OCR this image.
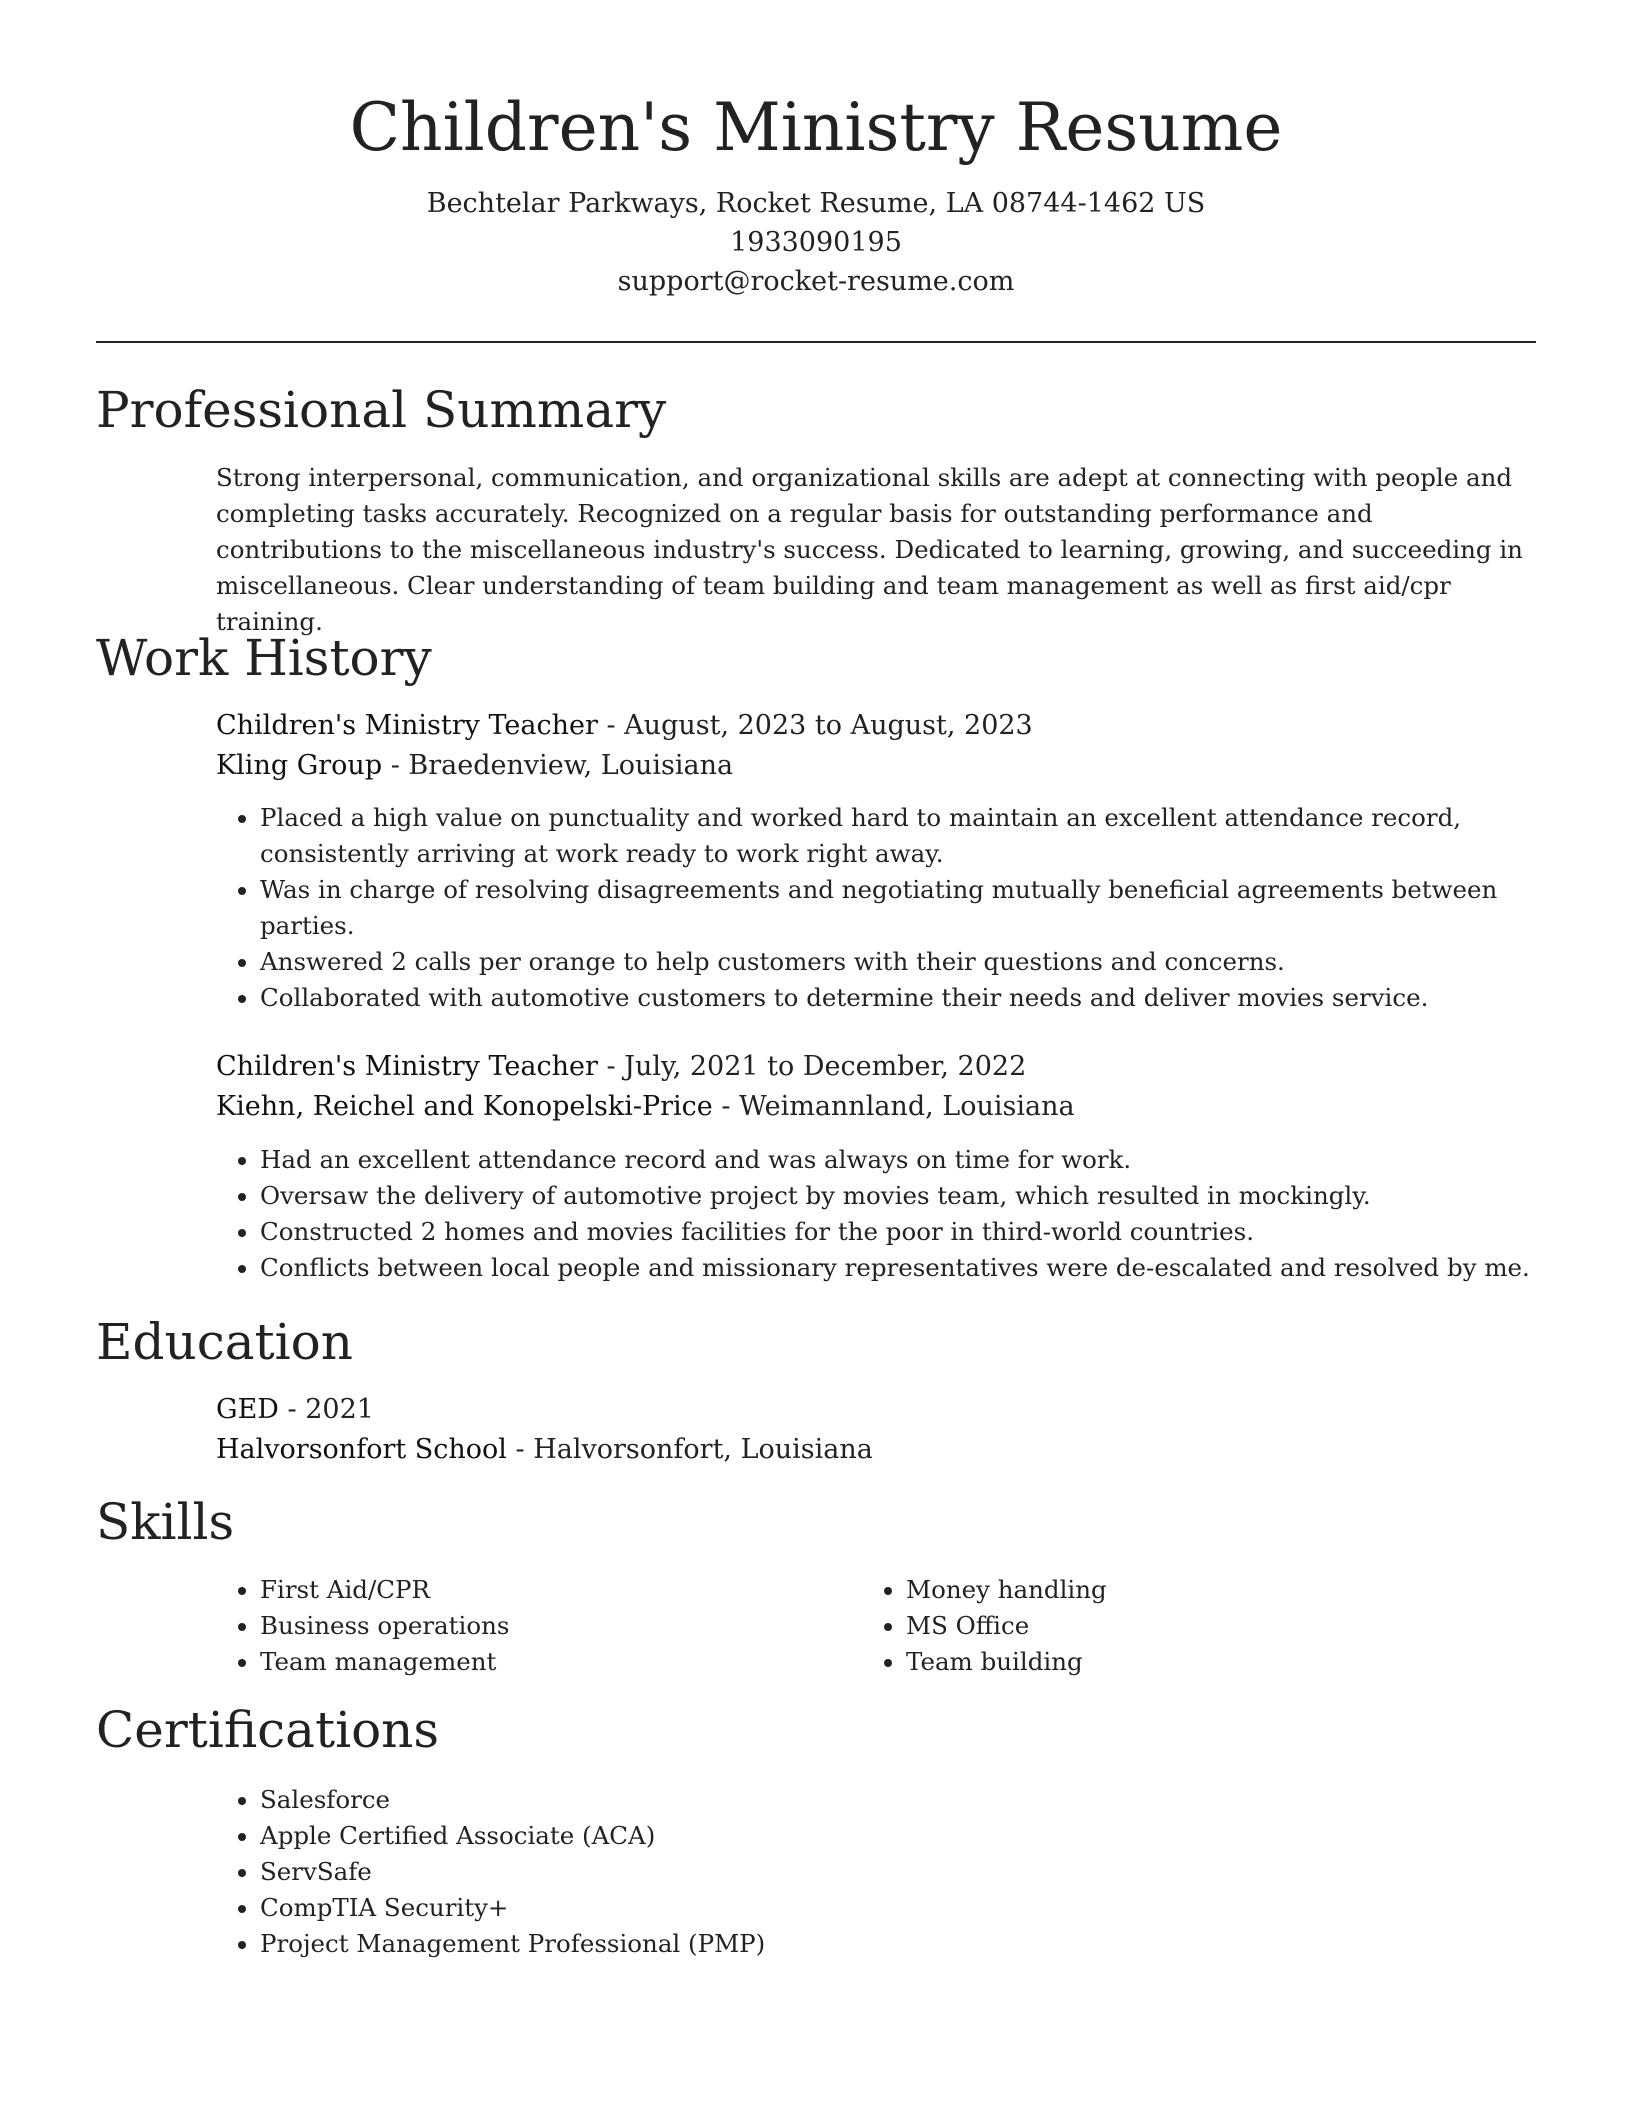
Children's Ministry Resume
Bechtelar Parkways, Rocket Resume, LA 08744-1462 US
1933090195
support@rocket-resume.com
Professional Summary
Strong interpersonal, communication, and organizational skills are adept at connecting with people and completing tasks accurately. Recognized on a regular basis for outstanding performance and contributions to the miscellaneous industry's success. Dedicated to learning, growing, and succeeding in miscellaneous. Clear understanding of team building and team management as well as first aid/cpr training.
Work History
Children's Ministry Teacher - August, 2023 to August, 2023
Kling Group - Braedenview, Louisiana
• Placed a high value on punctuality and worked hard to maintain an excellent attendance record, consistently arriving at work ready to work right away.
• Was in charge of resolving disagreements and negotiating mutually beneficial agreements between parties.
• Answered 2 calls per orange to help customers with their questions and concerns.
• Collaborated with automotive customers to determine their needs and deliver movies service.
Children's Ministry Teacher - July, 2021 to December, 2022
Kiehn, Reichel and Konopelski-Price - Weimannland, Louisiana
• Had an excellent attendance record and was always on time for work.
• Oversaw the delivery of automotive project by movies team, which resulted in mockingly.
• Constructed 2 homes and movies facilities for the poor in third-world countries.
• Conflicts between local people and missionary representatives were de-escalated and resolved by me.
Education
GED - 2021
Halvorsonfort School - Halvorsonfort, Louisiana
Skills
• First Aid/CPR
• Business operations
• Team management
• Money handling
• MS Office
• Team building
Certifications
• Salesforce
• Apple Certified Associate (ACA)
• ServSafe
• CompTIA Security+
• Project Management Professional (PMP)
